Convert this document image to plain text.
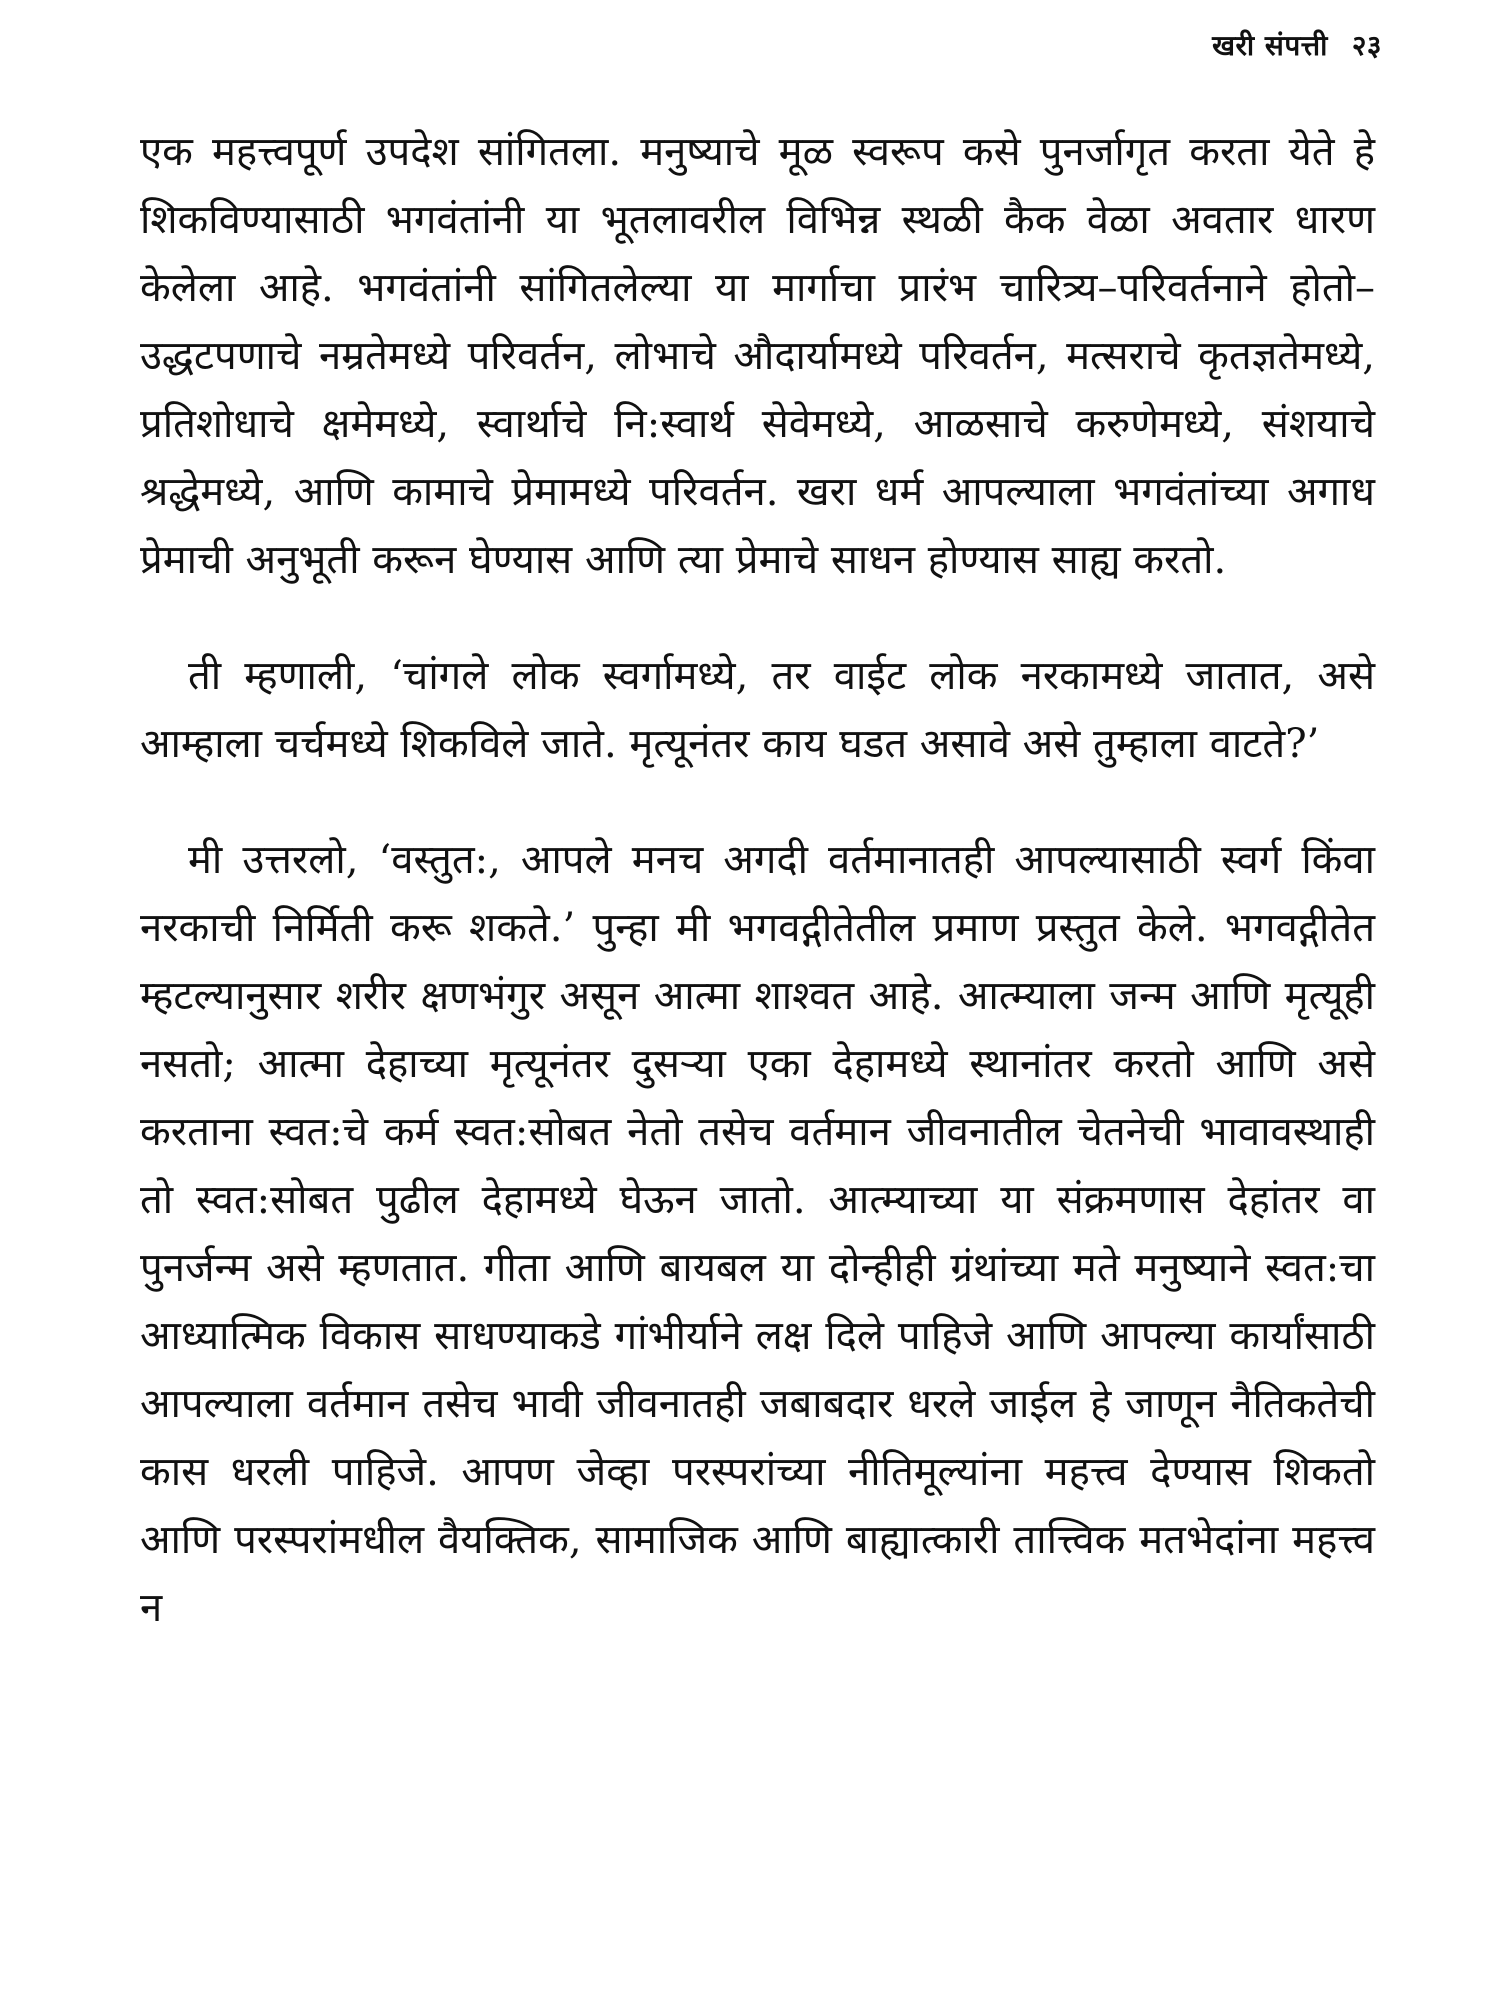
खरी संपत्ती २३

एक महत्त्वपूर्ण उपदेश सांगितला. मनुष्याचे मूळ स्वरूप कसे पुनर्जागृत करता येते हे शिकविण्यासाठी भगवंतांनी या भूतलावरील विभिन्न स्थळी कैक वेळा अवतार धारण केलेला आहे. भगवंतांनी सांगितलेल्या या मार्गाचा प्रारंभ चारित्र्य–परिवर्तनाने होतो– उद्धटपणाचे नम्रतेमध्ये परिवर्तन, लोभाचे औदार्यामध्ये परिवर्तन, मत्सराचे कृतज्ञतेमध्ये, प्रतिशोधाचे क्षमेमध्ये, स्वार्थाचे नि:स्वार्थ सेवेमध्ये, आळसाचे करुणेमध्ये, संशयाचे श्रद्धेमध्ये, आणि कामाचे प्रेमामध्ये परिवर्तन. खरा धर्म आपल्याला भगवंतांच्या अगाध प्रेमाची अनुभूती करून घेण्यास आणि त्या प्रेमाचे साधन होण्यास साह्य करतो.

ती म्हणाली, ‘चांगले लोक स्वर्गामध्ये, तर वाईट लोक नरकामध्ये जातात, असे आम्हाला चर्चमध्ये शिकविले जाते. मृत्यूनंतर काय घडत असावे असे तुम्हाला वाटते?’

मी उत्तरलो, ‘वस्तुत:, आपले मनच अगदी वर्तमानातही आपल्यासाठी स्वर्ग किंवा नरकाची निर्मिती करू शकते.’ पुन्हा मी भगवद्गीतेतील प्रमाण प्रस्तुत केले. भगवद्गीतेत म्हटल्यानुसार शरीर क्षणभंगुर असून आत्मा शाश्वत आहे. आत्म्याला जन्म आणि मृत्यूही नसतो; आत्मा देहाच्या मृत्यूनंतर दुसऱ्या एका देहामध्ये स्थानांतर करतो आणि असे करताना स्वत:चे कर्म स्वत:सोबत नेतो तसेच वर्तमान जीवनातील चेतनेची भावावस्थाही तो स्वत:सोबत पुढील देहामध्ये घेऊन जातो. आत्म्याच्या या संक्रमणास देहांतर वा पुनर्जन्म असे म्हणतात. गीता आणि बायबल या दोन्हीही ग्रंथांच्या मते मनुष्याने स्वत:चा आध्यात्मिक विकास साधण्याकडे गांभीर्याने लक्ष दिले पाहिजे आणि आपल्या कार्यांसाठी आपल्याला वर्तमान तसेच भावी जीवनातही जबाबदार धरले जाईल हे जाणून नैतिकतेची कास धरली पाहिजे. आपण जेव्हा परस्परांच्या नीतिमूल्यांना महत्त्व देण्यास शिकतो आणि परस्परांमधील वैयक्तिक, सामाजिक आणि बाह्यात्कारी तात्त्विक मतभेदांना महत्त्व न
